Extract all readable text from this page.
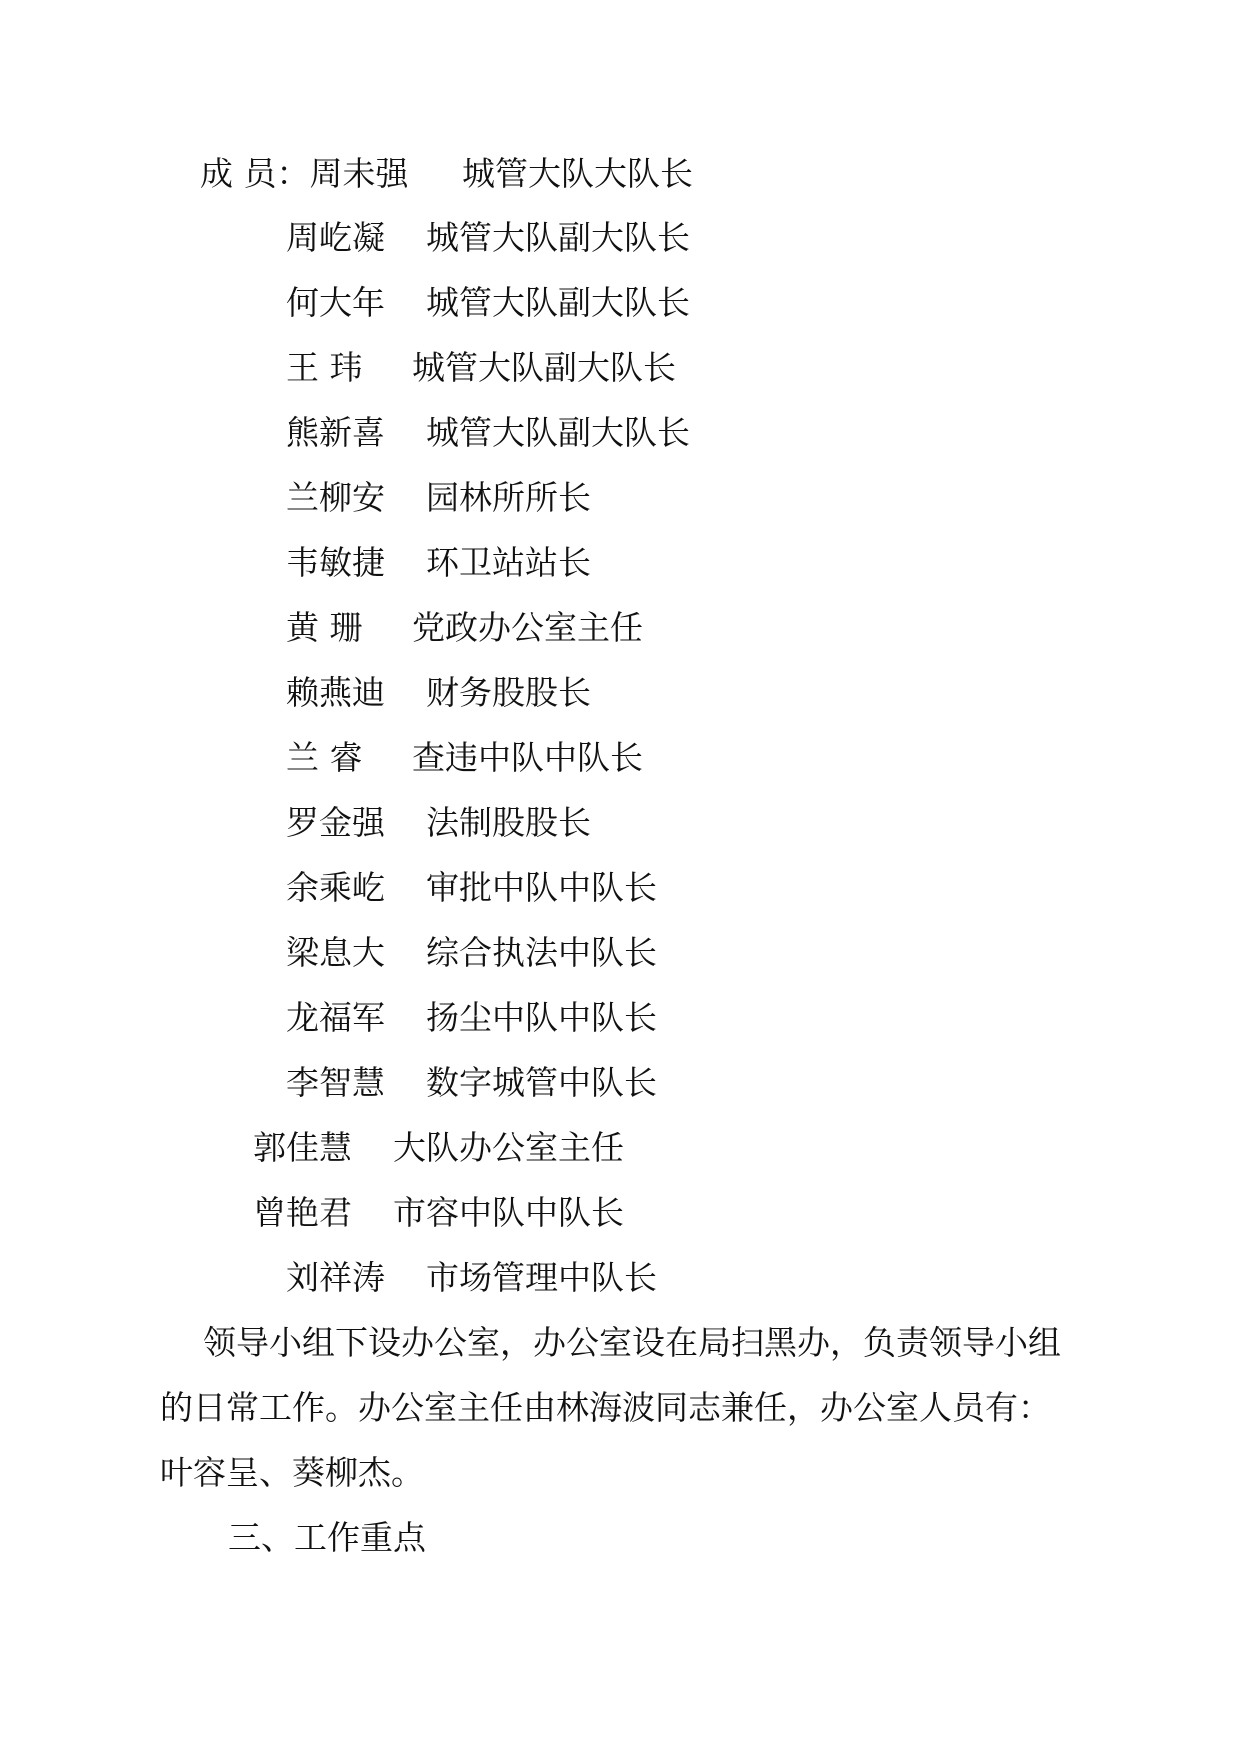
成 员：周未强 城管大队大队长
周屹凝 城管大队副大队长
何大年 城管大队副大队长
王 玮 城管大队副大队长
熊新喜 城管大队副大队长
兰柳安 园林所所长
韦敏捷 环卫站站长
黄 珊 党政办公室主任
赖燕迪 财务股股长
兰 睿 查违中队中队长
罗金强 法制股股长
余乘屹 审批中队中队长
梁息大 综合执法中队长
龙福军 扬尘中队中队长
李智慧 数字城管中队长
郭佳慧 大队办公室主任
曾艳君 市容中队中队长
刘祥涛 市场管理中队长
领导小组下设办公室，办公室设在局扫黑办，负责领导小组
的日常工作。办公室主任由林海波同志兼任，办公室人员有：
叶容呈、葵柳杰。
三、工作重点
